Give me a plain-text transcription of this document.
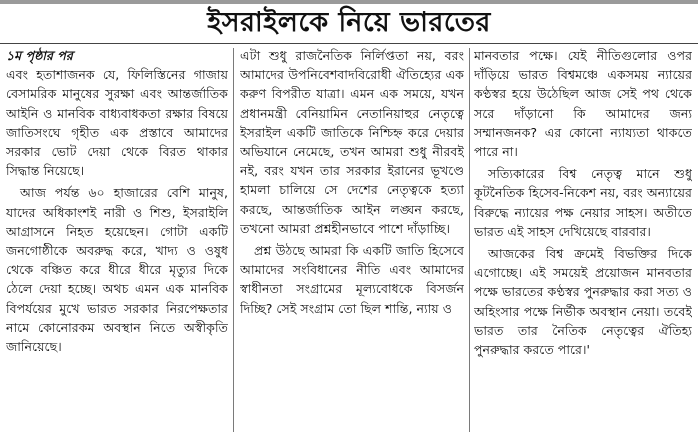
ইসরাইলকে নিয়ে ভারতের
১ম পৃষ্ঠার পর

এবং হতাশাজনক যে, ফিলিস্তিনের গাজায় বেসামরিক মানুষের সুরক্ষা এবং আন্তর্জাতিক আইনি ও মানবিক বাধ্যবাধকতা রক্ষার বিষয়ে জাতিসংঘে গৃহীত এক প্রস্তাবে আমাদের সরকার ভোট দেয়া থেকে বিরত থাকার সিদ্ধান্ত নিয়েছে।

আজ পর্যন্ত ৬০ হাজারের বেশি মানুষ, যাদের অধিকাংশই নারী ও শিশু, ইসরাইলি আগ্রাসনে নিহত হয়েছেন। গোটা একটি জনগোষ্ঠীকে অবরুদ্ধ করে, খাদ্য ও ওষুধ থেকে বঞ্চিত করে ধীরে ধীরে মৃত্যুর দিকে ঠেলে দেয়া হচ্ছে। অথচ এমন এক মানবিক বিপর্যয়ের মুখে ভারত সরকার নিরপেক্ষতার নামে কোনোরকম অবস্থান নিতে অস্বীকৃতি জানিয়েছে।

এটা শুধু রাজনৈতিক নির্লিপ্ততা নয়, বরং আমাদের উপনিবেশবাদবিরোধী ঐতিহ্যের এক করুণ বিপরীত যাত্রা। এমন এক সময়ে, যখন প্রধানমন্ত্রী বেনিয়ামিন নেতানিয়াহুর নেতৃত্বে ইসরাইল একটি জাতিকে নিশ্চিহ্ন করে দেয়ার অভিযানে নেমেছে, তখন আমরা শুধু নীরবই নই, বরং যখন তার সরকার ইরানের ভূখণ্ডে হামলা চালিয়ে সে দেশের নেতৃত্বকে হত্যা করছে, আন্তর্জাতিক আইন লঙ্ঘন করছে, তখনো আমরা প্রশ্নহীনভাবে পাশে দাঁড়াচ্ছি।

প্রশ্ন উঠছে আমরা কি একটি জাতি হিসেবে আমাদের সংবিধানের নীতি এবং আমাদের স্বাধীনতা সংগ্রামের মূল্যবোধকে বিসর্জন দিচ্ছি? সেই সংগ্রাম তো ছিল শান্তি, ন্যায় ও

মানবতার পক্ষে। যেই নীতিগুলোর ওপর দাঁড়িয়ে ভারত বিশ্বমঞ্চে একসময় ন্যায়ের কণ্ঠস্বর হয়ে উঠেছিল আজ সেই পথ থেকে সরে দাঁড়ানো কি আমাদের জন্য সম্মানজনক? এর কোনো ন্যায্যতা থাকতে পারে না।

সত্যিকারের বিশ্ব নেতৃত্ব মানে শুধু কূটনৈতিক হিসেব-নিকেশ নয়, বরং অন্যায়ের বিরুদ্ধে ন্যায়ের পক্ষ নেয়ার সাহস। অতীতে ভারত এই সাহস দেখিয়েছে বারবার।

আজকের বিশ্ব ক্রমেই বিভক্তির দিকে এগোচ্ছে। এই সময়েই প্রয়োজন মানবতার পক্ষে ভারতের কণ্ঠস্বর পুনরুদ্ধার করা সত্য ও অহিংসার পক্ষে নির্ভীক অবস্থান নেয়া। তবেই ভারত তার নৈতিক নেতৃত্বের ঐতিহ্য পুনরুদ্ধার করতে পারে।'
